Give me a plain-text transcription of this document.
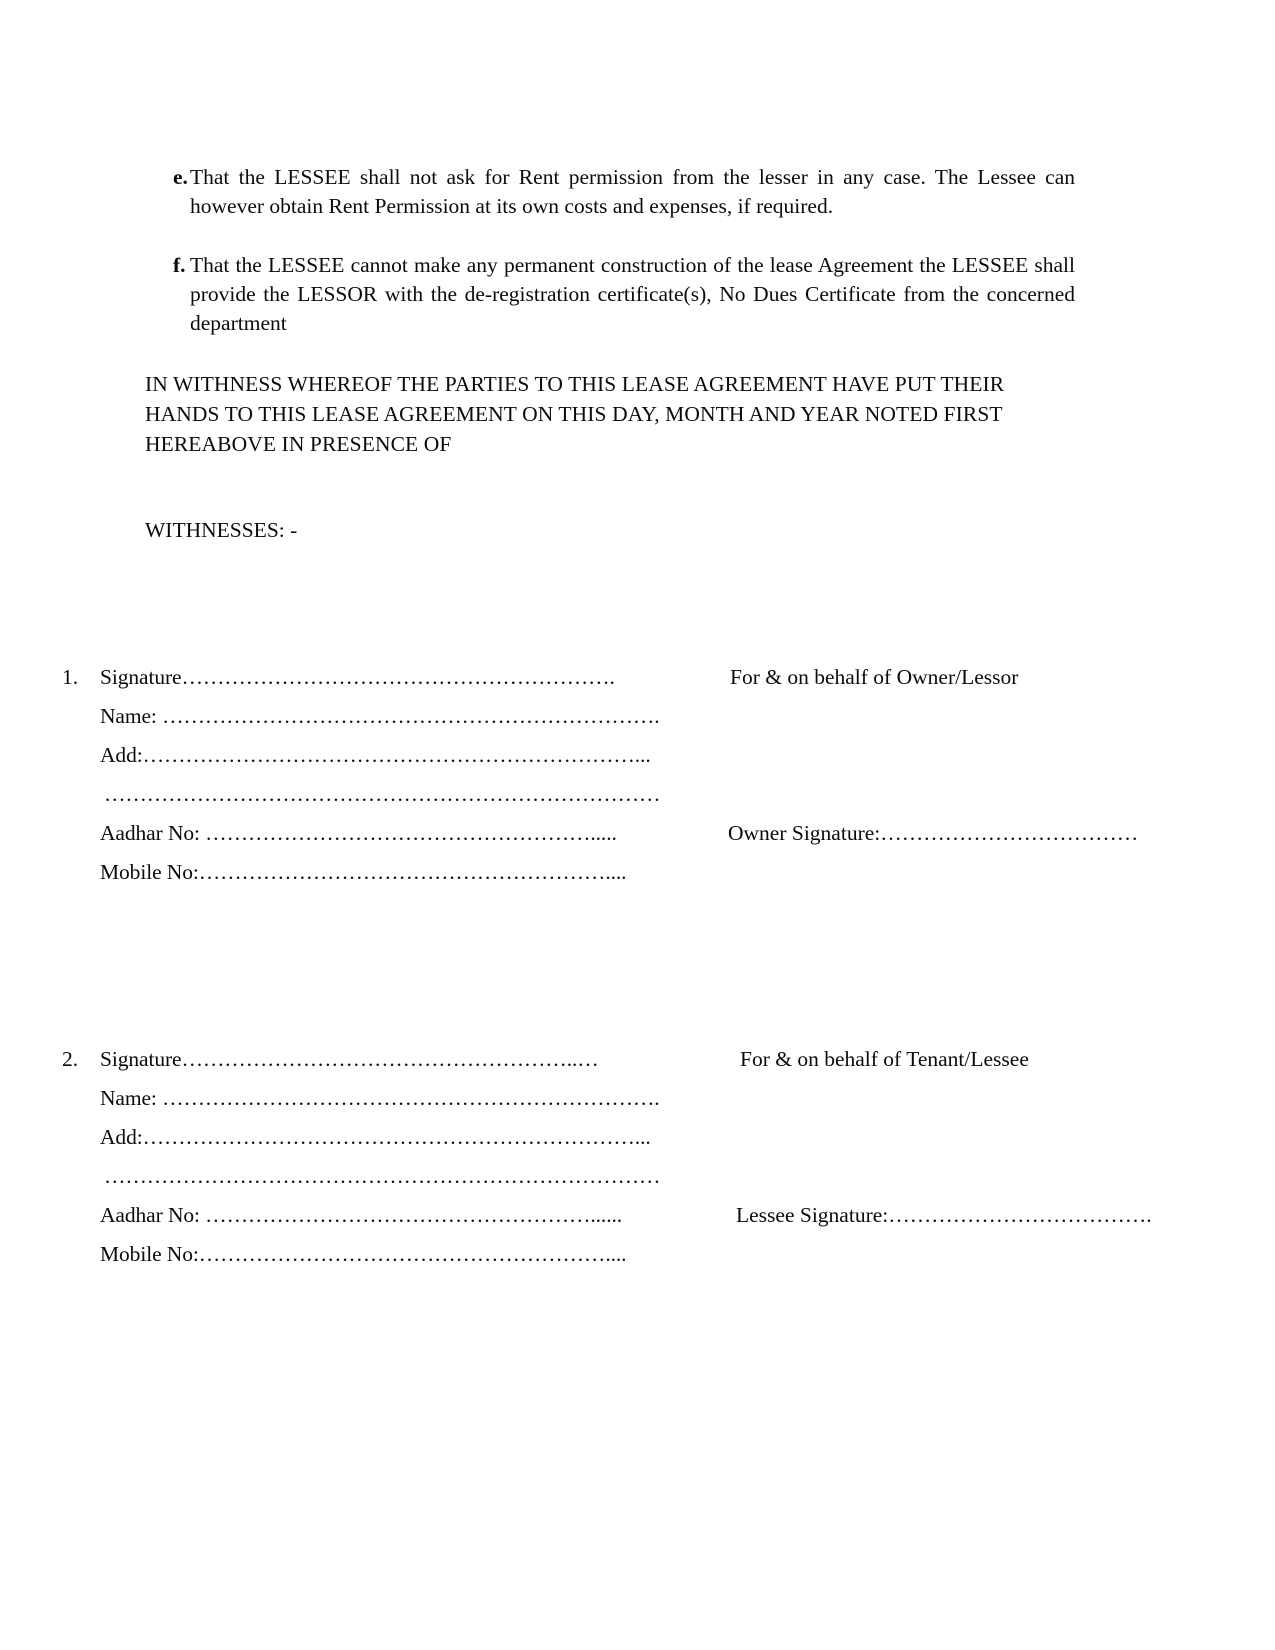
e. That the LESSEE shall not ask for Rent permission from the lesser in any case. The Lessee can however obtain Rent Permission at its own costs and expenses, if required.
f. That the LESSEE cannot make any permanent construction of the lease Agreement the LESSEE shall provide the LESSOR with the de-registration certificate(s), No Dues Certificate from the concerned department
IN WITHNESS WHEREOF THE PARTIES TO THIS LEASE AGREEMENT HAVE PUT THEIR HANDS TO THIS LEASE AGREEMENT ON THIS DAY, MONTH AND YEAR NOTED FIRST HEREABOVE IN PRESENCE OF
WITHNESSES: -
1.	Signature…………………………………………………….	For & on behalf of Owner/Lessor
Name: …………………………………………………………….
Add:……………………………………………………………...
……………………………………………………………………
Aadhar No: ……………………………………………….....	Owner Signature:………………………………
Mobile No:…………………………………………………....
2.	Signature………………………………………………..…	For & on behalf of Tenant/Lessee
Name: …………………………………………………………….
Add:……………………………………………………………...
……………………………………………………………………
Aadhar No: ………………………………………………......	Lessee Signature:……………………………….
Mobile No:…………………………………………………....
